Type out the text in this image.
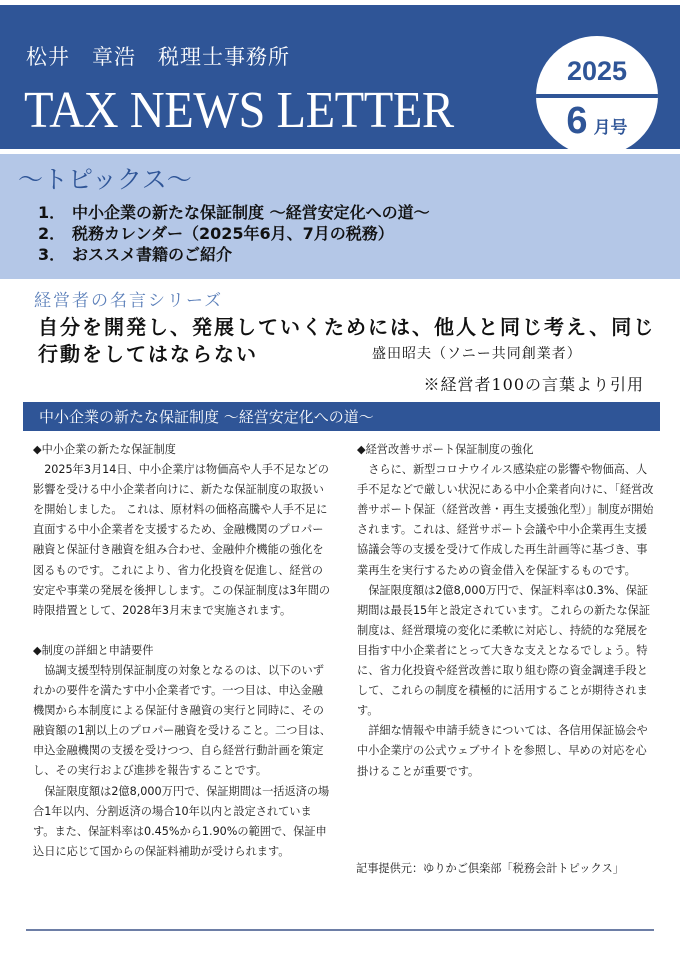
松井　章浩　税理士事務所
TAX NEWS LETTER
2025
6 月号
～トピックス～
1． 中小企業の新たな保証制度 ～経営安定化への道～
2． 税務カレンダー（2025年6月、7月の税務）
3． おススメ書籍のご紹介
経営者の名言シリーズ
自分を開発し、発展していくためには、他人と同じ考え、同じ行動をしてはならない	盛田昭夫（ソニー共同創業者）
※経営者100の言葉より引用
中小企業の新たな保証制度 ～経営安定化への道～
◆中小企業の新たな保証制度

2025年3月14日、中小企業庁は物価高や人手不足などの影響を受ける中小企業者向けに、新たな保証制度の取扱いを開始しました。 これは、原材料の価格高騰や人手不足に直面する中小企業者を支援するため、金融機関のプロパー融資と保証付き融資を組み合わせ、金融仲介機能の強化を図るものです。これにより、省力化投資を促進し、経営の安定や事業の発展を後押しします。この保証制度は3年間の時限措置として、2028年3月末まで実施されます。

◆制度の詳細と申請要件

協調支援型特別保証制度の対象となるのは、以下のいずれかの要件を満たす中小企業者です。一つ目は、申込金融機関から本制度による保証付き融資の実行と同時に、その融資額の1割以上のプロパー融資を受けること。二つ目は、申込金融機関の支援を受けつつ、自ら経営行動計画を策定し、その実行および進捗を報告することです。

保証限度額は2億8,000万円で、保証期間は一括返済の場合1年以内、分割返済の場合10年以内と設定されています。また、保証料率は0.45%から1.90%の範囲で、保証申込日に応じて国からの保証料補助が受けられます。

◆経営改善サポート保証制度の強化

さらに、新型コロナウイルス感染症の影響や物価高、人手不足などで厳しい状況にある中小企業者向けに、「経営改善サポート保証（経営改善・再生支援強化型）」制度が開始されます。これは、経営サポート会議や中小企業再生支援協議会等の支援を受けて作成した再生計画等に基づき、事業再生を実行するための資金借入を保証するものです。

保証限度額は2億8,000万円で、保証料率は0.3%、保証期間は最長15年と設定されています。これらの新たな保証制度は、経営環境の変化に柔軟に対応し、持続的な発展を目指す中小企業者にとって大きな支えとなるでしょう。特に、省力化投資や経営改善に取り組む際の資金調達手段として、これらの制度を積極的に活用することが期待されます。

詳細な情報や申請手続きについては、各信用保証協会や中小企業庁の公式ウェブサイトを参照し、早めの対応を心掛けることが重要です。

記事提供元：ゆりかご倶楽部「税務会計トピックス」
